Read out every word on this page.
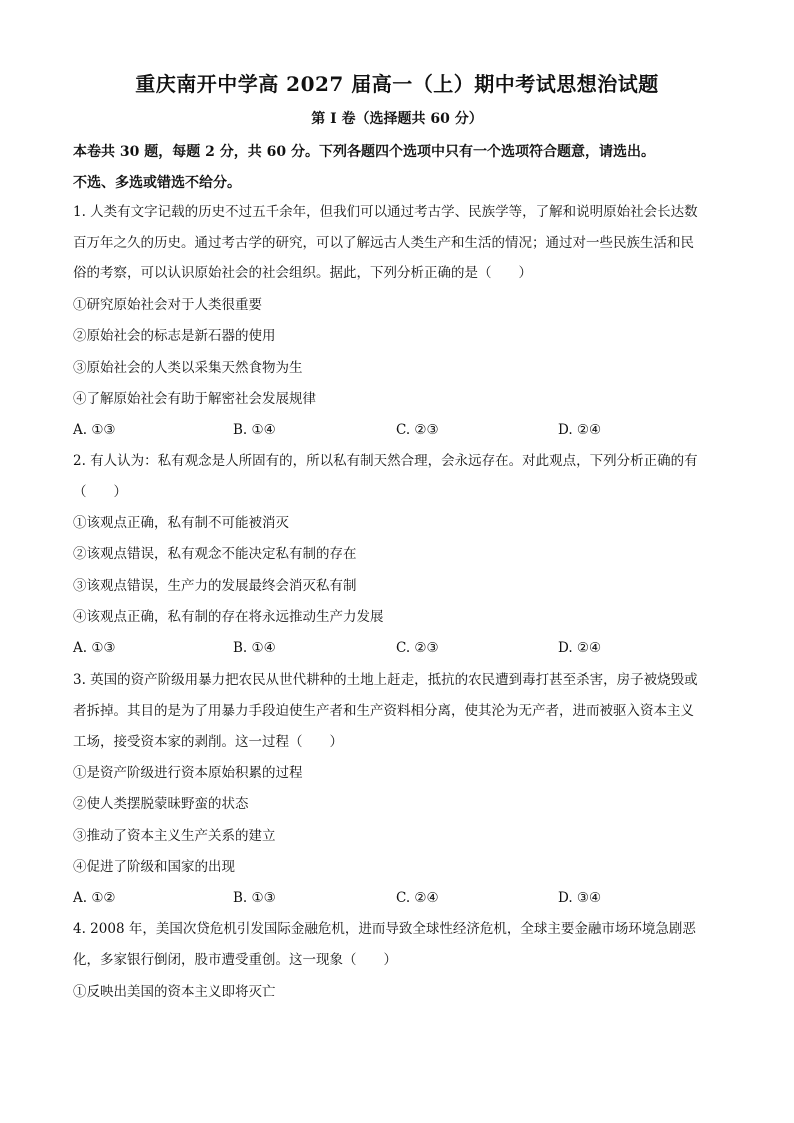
重庆南开中学高 2027 届高一（上）期中考试思想治试题
第 I 卷（选择题共 60 分）
本卷共 30 题，每题 2 分，共 60 分。下列各题四个选项中只有一个选项符合题意，请选出。
不选、多选或错选不给分。
1. 人类有文字记载的历史不过五千余年，但我们可以通过考古学、民族学等，了解和说明原始社会长达数
百万年之久的历史。通过考古学的研究，可以了解远古人类生产和生活的情况；通过对一些民族生活和民
俗的考察，可以认识原始社会的社会组织。据此，下列分析正确的是（　　）
①研究原始社会对于人类很重要
②原始社会的标志是新石器的使用
③原始社会的人类以采集天然食物为生
④了解原始社会有助于解密社会发展规律
A. ①③	B. ①④	C. ②③	D. ②④
2. 有人认为：私有观念是人所固有的，所以私有制天然合理，会永远存在。对此观点，下列分析正确的有
（　　）
①该观点正确，私有制不可能被消灭
②该观点错误，私有观念不能决定私有制的存在
③该观点错误，生产力的发展最终会消灭私有制
④该观点正确，私有制的存在将永远推动生产力发展
A. ①③	B. ①④	C. ②③	D. ②④
3. 英国的资产阶级用暴力把农民从世代耕种的土地上赶走，抵抗的农民遭到毒打甚至杀害，房子被烧毁或
者拆掉。其目的是为了用暴力手段迫使生产者和生产资料相分离，使其沦为无产者，进而被驱入资本主义
工场，接受资本家的剥削。这一过程（　　）
①是资产阶级进行资本原始积累的过程
②使人类摆脱蒙昧野蛮的状态
③推动了资本主义生产关系的建立
④促进了阶级和国家的出现
A. ①②	B. ①③	C. ②④	D. ③④
4. 2008 年，美国次贷危机引发国际金融危机，进而导致全球性经济危机，全球主要金融市场环境急剧恶
化，多家银行倒闭，股市遭受重创。这一现象（　　）
①反映出美国的资本主义即将灭亡
